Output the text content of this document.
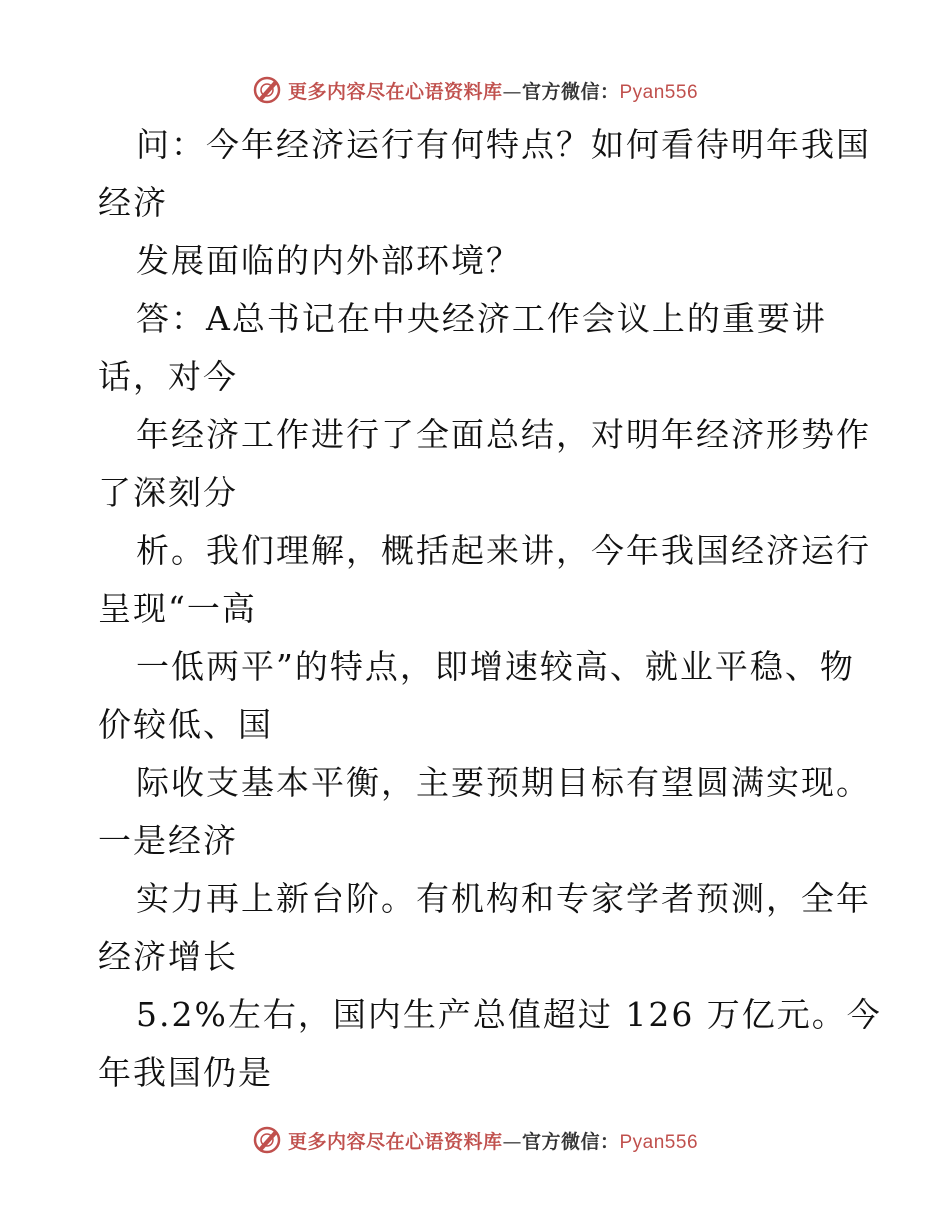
更多内容尽在心语资料库—官方微信：Pyan556
问：今年经济运行有何特点？如何看待明年我国
经济
发展面临的内外部环境？
答：A总书记在中央经济工作会议上的重要讲
话，对今
年经济工作进行了全面总结，对明年经济形势作
了深刻分
析。我们理解，概括起来讲，今年我国经济运行
呈现“一高
一低两平”的特点，即增速较高、就业平稳、物
价较低、国
际收支基本平衡，主要预期目标有望圆满实现。
一是经济
实力再上新台阶。有机构和专家学者预测，全年
经济增长
5.2%左右，国内生产总值超过 126 万亿元。今
年我国仍是
更多内容尽在心语资料库—官方微信：Pyan556
